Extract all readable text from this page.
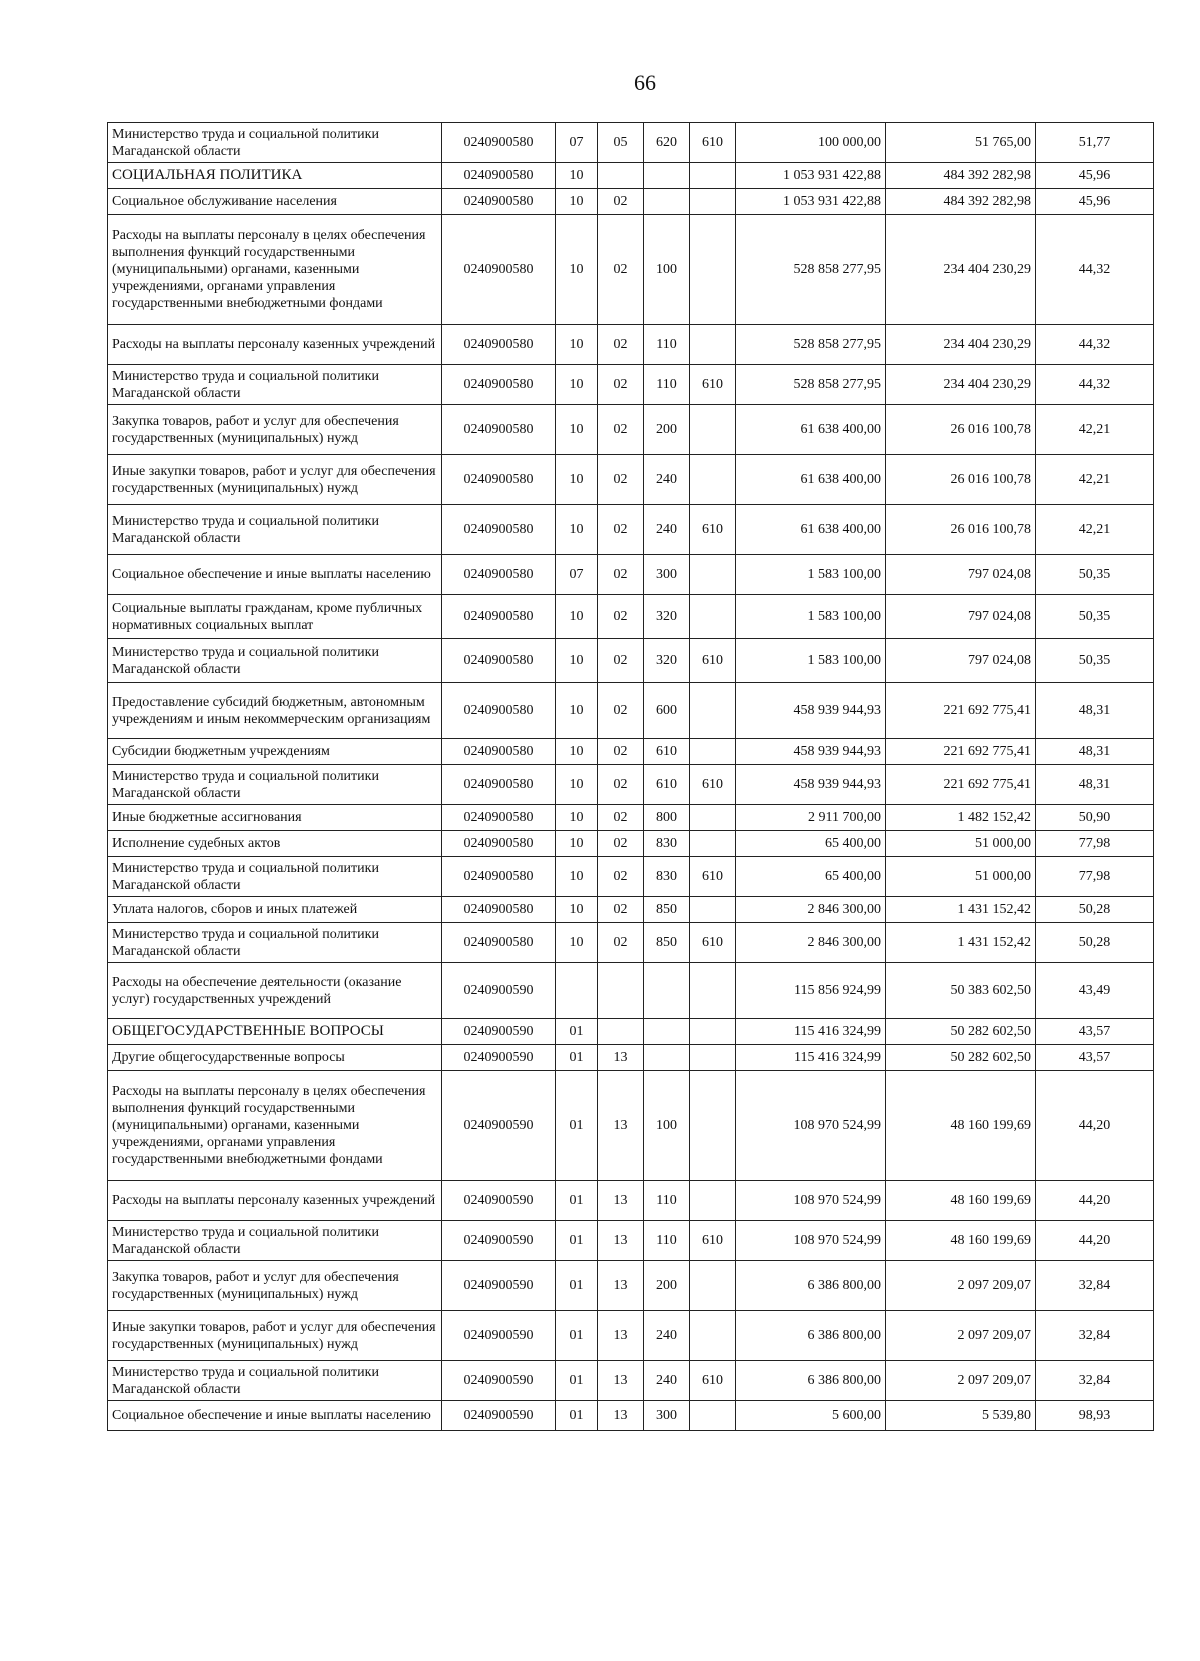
66
Министерство труда и социальной политики Магаданской области	0240900580	07	05	620	610	100 000,00	51 765,00	51,77
СОЦИАЛЬНАЯ ПОЛИТИКА	0240900580	10				1 053 931 422,88	484 392 282,98	45,96
Социальное обслуживание населения	0240900580	10	02			1 053 931 422,88	484 392 282,98	45,96
Расходы на выплаты персоналу в целях обеспечения выполнения функций государственными (муниципальными) органами, казенными учреждениями, органами управления государственными внебюджетными фондами	0240900580	10	02	100		528 858 277,95	234 404 230,29	44,32
Расходы на выплаты персоналу казенных учреждений	0240900580	10	02	110		528 858 277,95	234 404 230,29	44,32
Министерство труда и социальной политики Магаданской области	0240900580	10	02	110	610	528 858 277,95	234 404 230,29	44,32
Закупка товаров, работ и услуг для обеспечения государственных (муниципальных) нужд	0240900580	10	02	200		61 638 400,00	26 016 100,78	42,21
Иные закупки товаров, работ и услуг для обеспечения государственных (муниципальных) нужд	0240900580	10	02	240		61 638 400,00	26 016 100,78	42,21
Министерство труда и социальной политики Магаданской области	0240900580	10	02	240	610	61 638 400,00	26 016 100,78	42,21
Социальное обеспечение и иные выплаты населению	0240900580	07	02	300		1 583 100,00	797 024,08	50,35
Социальные выплаты гражданам, кроме публичных нормативных социальных выплат	0240900580	10	02	320		1 583 100,00	797 024,08	50,35
Министерство труда и социальной политики Магаданской области	0240900580	10	02	320	610	1 583 100,00	797 024,08	50,35
Предоставление субсидий бюджетным, автономным учреждениям и иным некоммерческим организациям	0240900580	10	02	600		458 939 944,93	221 692 775,41	48,31
Субсидии бюджетным учреждениям	0240900580	10	02	610		458 939 944,93	221 692 775,41	48,31
Министерство труда и социальной политики Магаданской области	0240900580	10	02	610	610	458 939 944,93	221 692 775,41	48,31
Иные бюджетные ассигнования	0240900580	10	02	800		2 911 700,00	1 482 152,42	50,90
Исполнение судебных актов	0240900580	10	02	830		65 400,00	51 000,00	77,98
Министерство труда и социальной политики Магаданской области	0240900580	10	02	830	610	65 400,00	51 000,00	77,98
Уплата налогов, сборов и иных платежей	0240900580	10	02	850		2 846 300,00	1 431 152,42	50,28
Министерство труда и социальной политики Магаданской области	0240900580	10	02	850	610	2 846 300,00	1 431 152,42	50,28
Расходы на обеспечение деятельности (оказание услуг) государственных учреждений	0240900590					115 856 924,99	50 383 602,50	43,49
ОБЩЕГОСУДАРСТВЕННЫЕ ВОПРОСЫ	0240900590	01				115 416 324,99	50 282 602,50	43,57
Другие общегосударственные вопросы	0240900590	01	13			115 416 324,99	50 282 602,50	43,57
Расходы на выплаты персоналу в целях обеспечения выполнения функций государственными (муниципальными) органами, казенными учреждениями, органами управления государственными внебюджетными фондами	0240900590	01	13	100		108 970 524,99	48 160 199,69	44,20
Расходы на выплаты персоналу казенных учреждений	0240900590	01	13	110		108 970 524,99	48 160 199,69	44,20
Министерство труда и социальной политики Магаданской области	0240900590	01	13	110	610	108 970 524,99	48 160 199,69	44,20
Закупка товаров, работ и услуг для обеспечения государственных (муниципальных) нужд	0240900590	01	13	200		6 386 800,00	2 097 209,07	32,84
Иные закупки товаров, работ и услуг для обеспечения государственных (муниципальных) нужд	0240900590	01	13	240		6 386 800,00	2 097 209,07	32,84
Министерство труда и социальной политики Магаданской области	0240900590	01	13	240	610	6 386 800,00	2 097 209,07	32,84
Социальное обеспечение и иные выплаты населению	0240900590	01	13	300		5 600,00	5 539,80	98,93
